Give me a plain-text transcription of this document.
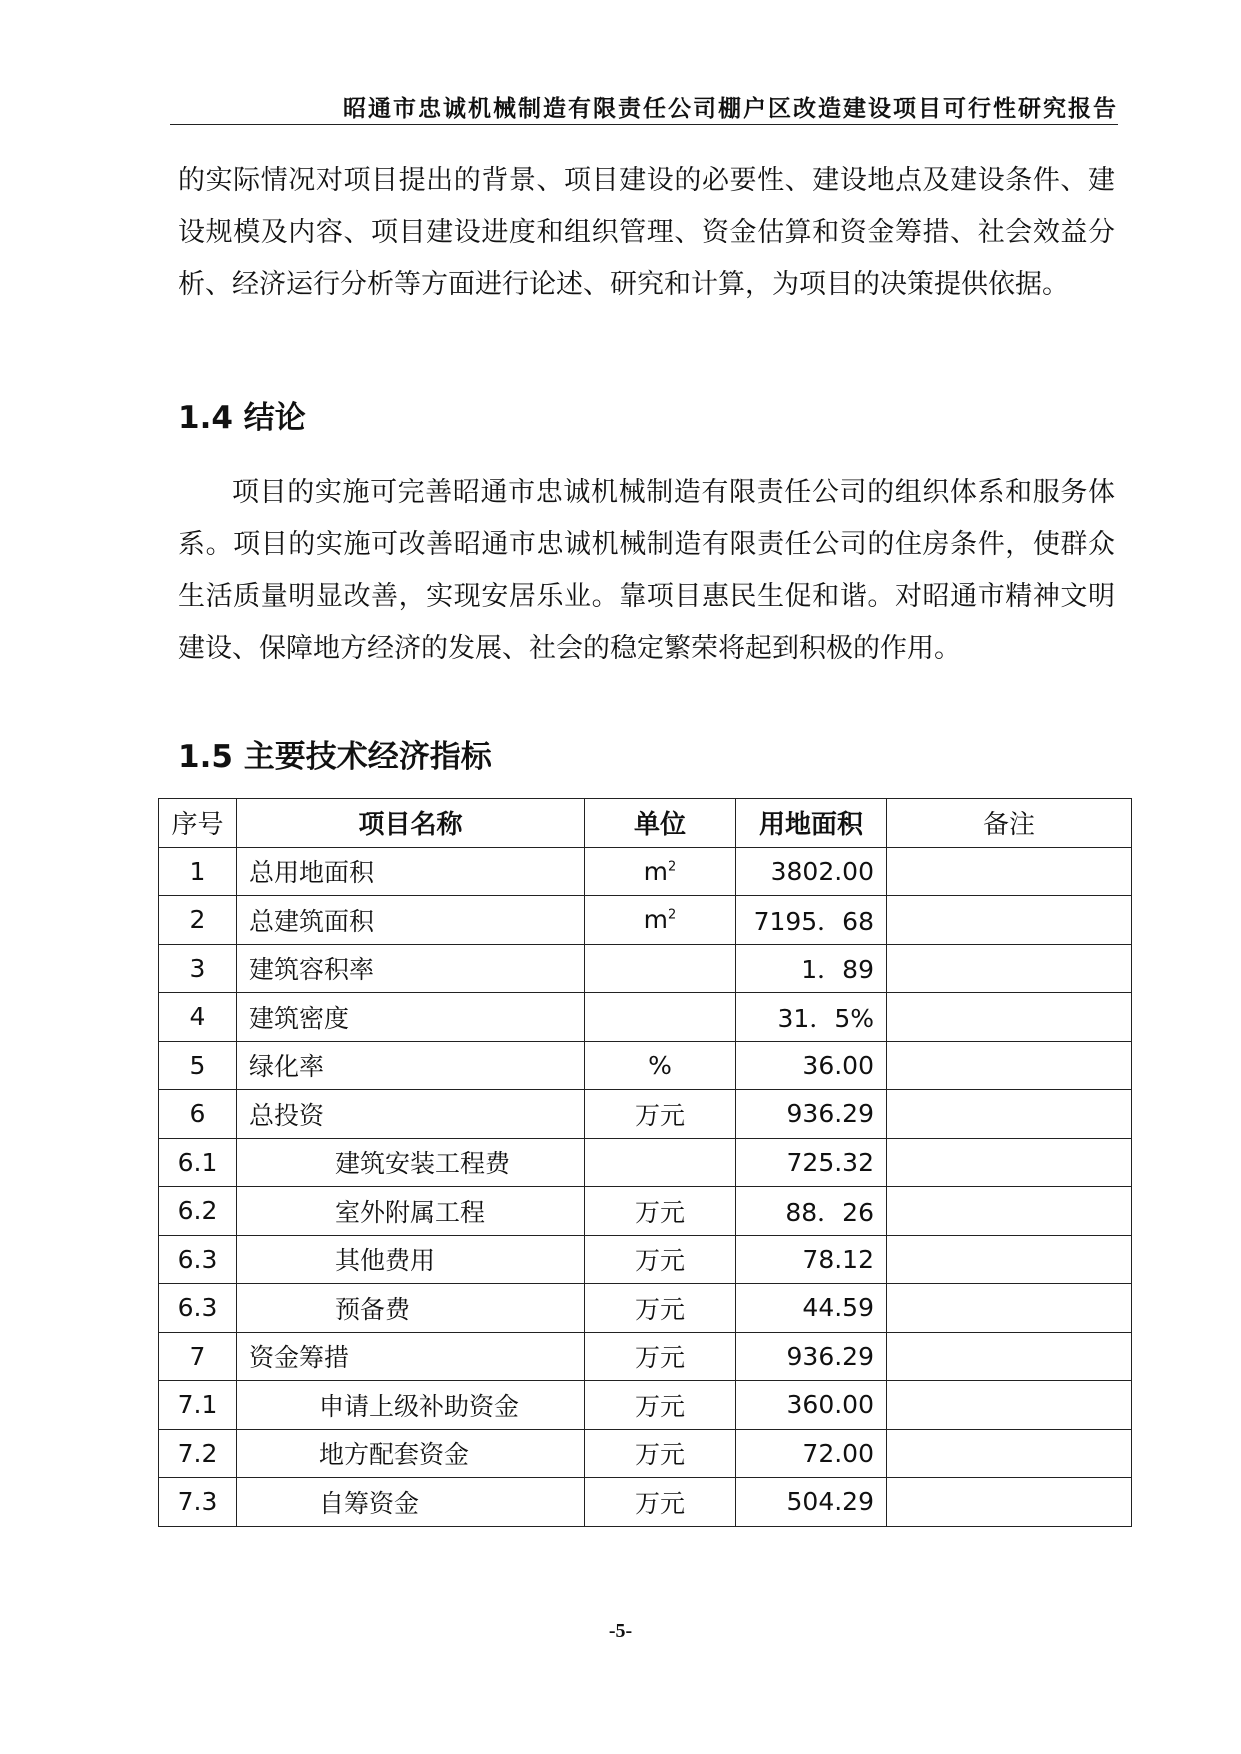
昭通市忠诚机械制造有限责任公司棚户区改造建设项目可行性研究报告

的实际情况对项目提出的背景、项目建设的必要性、建设地点及建设条件、建设规模及内容、项目建设进度和组织管理、资金估算和资金筹措、社会效益分析、经济运行分析等方面进行论述、研究和计算，为项目的决策提供依据。

1.4 结论

项目的实施可完善昭通市忠诚机械制造有限责任公司的组织体系和服务体系。项目的实施可改善昭通市忠诚机械制造有限责任公司的住房条件，使群众生活质量明显改善，实现安居乐业。靠项目惠民生促和谐。对昭通市精神文明建设、保障地方经济的发展、社会的稳定繁荣将起到积极的作用。

1.5 主要技术经济指标
序号	项目名称	单位	用地面积	备注
1	总用地面积	$m^2$	3802.00	
2	总建筑面积	$m^2$	7195．68	
3	建筑容积率		1．89	
4	建筑密度		31．5%	
5	绿化率	%	36.00	
6	总投资	万元	936.29	
6.1	建筑安装工程费		725.32	
6.2	室外附属工程	万元	88．26	
6.3	其他费用	万元	78.12	
6.3	预备费	万元	44.59	
7	资金筹措	万元	936.29	
7.1	申请上级补助资金	万元	360.00	
7.2	地方配套资金	万元	72.00	
7.3	自筹资金	万元	504.29	
-5-
